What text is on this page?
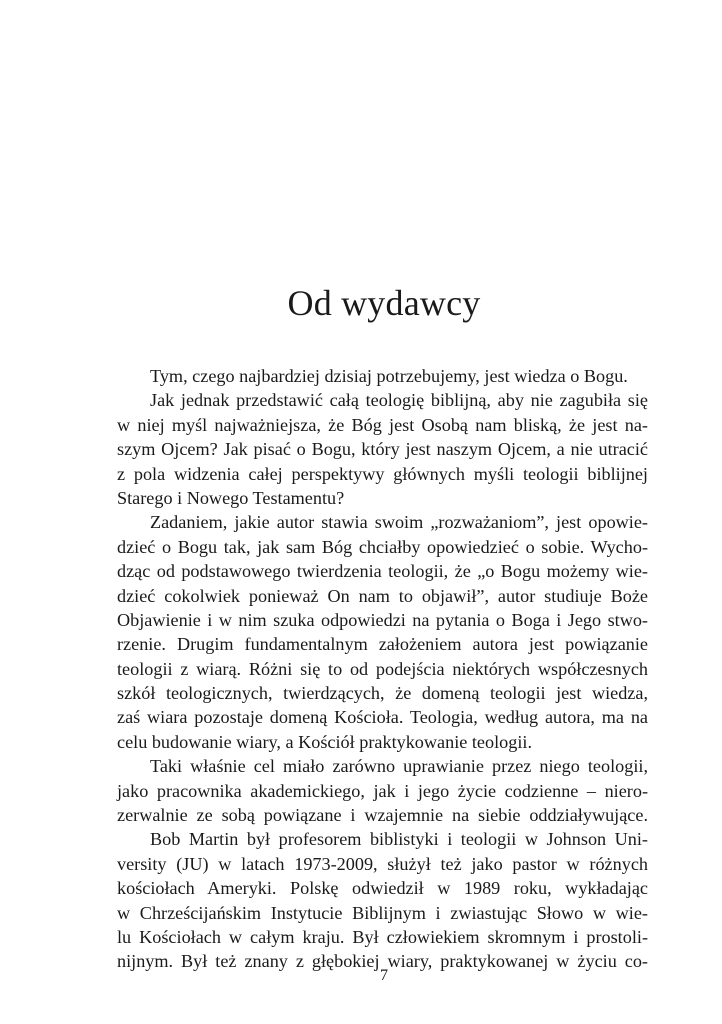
Od wydawcy
Tym, czego najbardziej dzisiaj potrzebujemy, jest wiedza o Bogu.
Jak jednak przedstawić całą teologię biblijną, aby nie zagubiła się
w niej myśl najważniejsza, że Bóg jest Osobą nam bliską, że jest na-
szym Ojcem? Jak pisać o Bogu, który jest naszym Ojcem, a nie utracić
z pola widzenia całej perspektywy głównych myśli teologii biblijnej
Starego i Nowego Testamentu?
Zadaniem, jakie autor stawia swoim „rozważaniom”, jest opowie-
dzieć o Bogu tak, jak sam Bóg chciałby opowiedzieć o sobie. Wycho-
dząc od podstawowego twierdzenia teologii, że „o Bogu możemy wie-
dzieć cokolwiek ponieważ On nam to objawił”, autor studiuje Boże
Objawienie i w nim szuka odpowiedzi na pytania o Boga i Jego stwo-
rzenie. Drugim fundamentalnym założeniem autora jest powiązanie
teologii z wiarą. Różni się to od podejścia niektórych współczesnych
szkół teologicznych, twierdzących, że domeną teologii jest wiedza,
zaś wiara pozostaje domeną Kościoła. Teologia, według autora, ma na
celu budowanie wiary, a Kościół praktykowanie teologii.
Taki właśnie cel miało zarówno uprawianie przez niego teologii,
jako pracownika akademickiego, jak i jego życie codzienne – niero-
zerwalnie ze sobą powiązane i wzajemnie na siebie oddziaływujące.
Bob Martin był profesorem biblistyki i teologii w Johnson Uni-
versity (JU) w latach 1973-2009, służył też jako pastor w różnych
kościołach Ameryki. Polskę odwiedził w 1989 roku, wykładając
w Chrześcijańskim Instytucie Biblijnym i zwiastując Słowo w wie-
lu Kościołach w całym kraju. Był człowiekiem skromnym i prostoli-
nijnym. Był też znany z głębokiej wiary, praktykowanej w życiu co-
7
